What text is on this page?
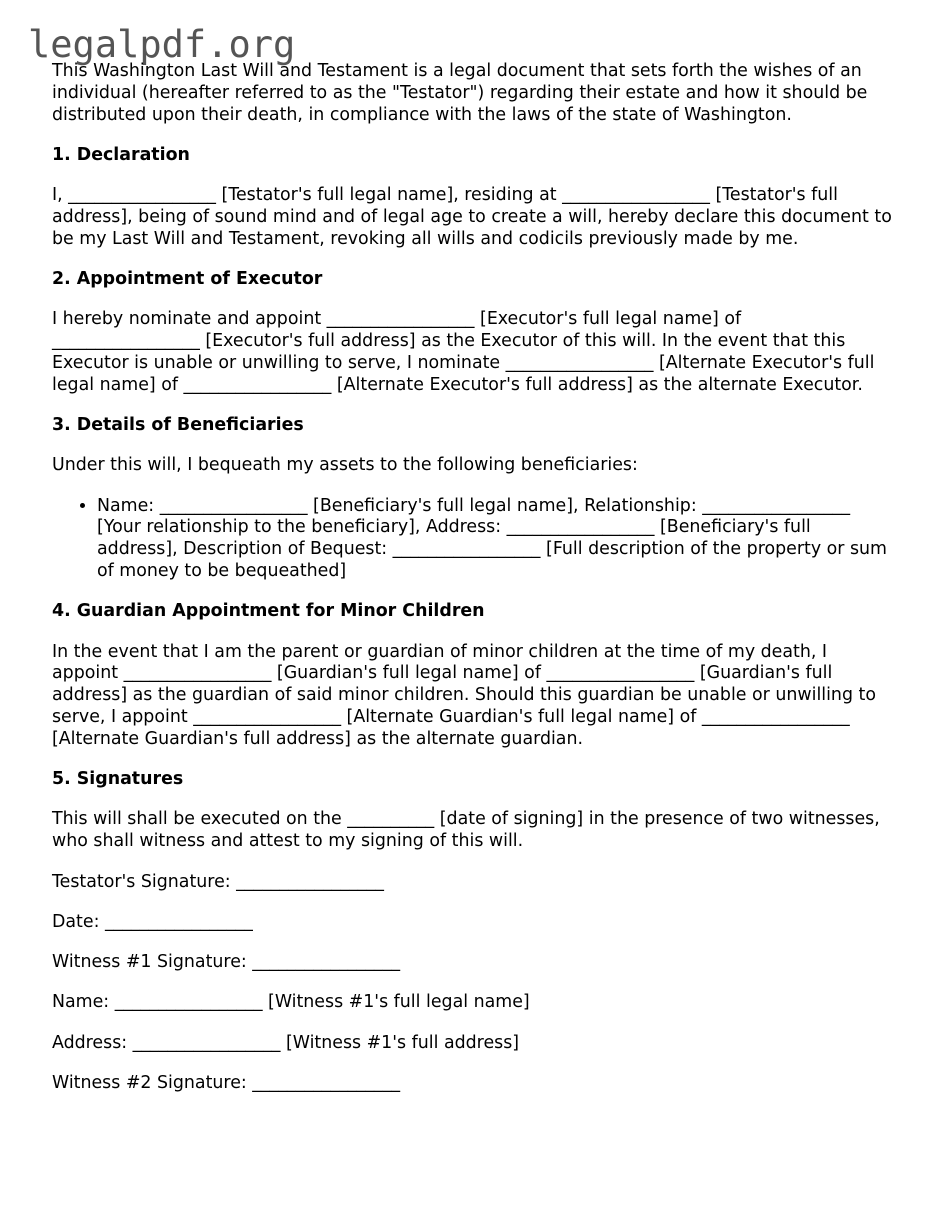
legalpdf.org

This Washington Last Will and Testament is a legal document that sets forth the wishes of an individual (hereafter referred to as the "Testator") regarding their estate and how it should be distributed upon their death, in compliance with the laws of the state of Washington.

1. Declaration

I, _________________ [Testator's full legal name], residing at _________________ [Testator's full address], being of sound mind and of legal age to create a will, hereby declare this document to be my Last Will and Testament, revoking all wills and codicils previously made by me.

2. Appointment of Executor

I hereby nominate and appoint _________________ [Executor's full legal name] of _________________ [Executor's full address] as the Executor of this will. In the event that this Executor is unable or unwilling to serve, I nominate _________________ [Alternate Executor's full legal name] of _________________ [Alternate Executor's full address] as the alternate Executor.

3. Details of Beneficiaries

Under this will, I bequeath my assets to the following beneficiaries:

• Name: _________________ [Beneficiary's full legal name], Relationship: _________________ [Your relationship to the beneficiary], Address: _________________ [Beneficiary's full address], Description of Bequest: _________________ [Full description of the property or sum of money to be bequeathed]
4. Guardian Appointment for Minor Children

In the event that I am the parent or guardian of minor children at the time of my death, I appoint _________________ [Guardian's full legal name] of _________________ [Guardian's full address] as the guardian of said minor children. Should this guardian be unable or unwilling to serve, I appoint _________________ [Alternate Guardian's full legal name] of _________________ [Alternate Guardian's full address] as the alternate guardian.

5. Signatures

This will shall be executed on the __________ [date of signing] in the presence of two witnesses, who shall witness and attest to my signing of this will.

Testator's Signature: _________________

Date: _________________

Witness #1 Signature: _________________

Name: _________________ [Witness #1's full legal name]

Address: _________________ [Witness #1's full address]

Witness #2 Signature: _________________
